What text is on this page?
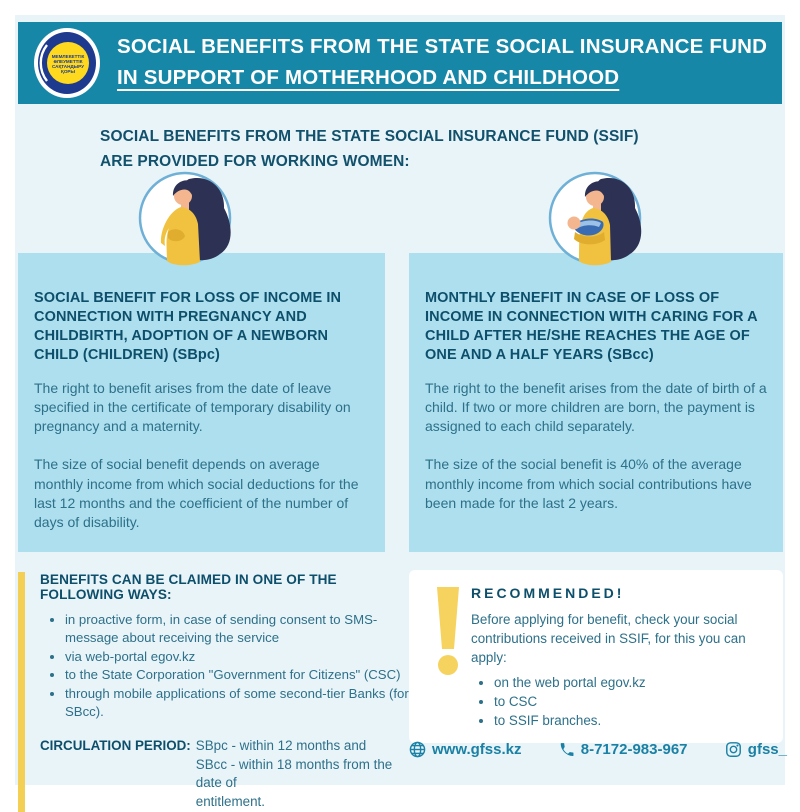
МЕМЛЕКЕТТІК
ӘЛЕУМЕТТІК
САҚТАНДЫРУ
ҚОРЫ
SOCIAL BENEFITS FROM THE STATE SOCIAL INSURANCE FUND
IN SUPPORT OF MOTHERHOOD AND CHILDHOOD
SOCIAL BENEFITS FROM THE STATE SOCIAL INSURANCE FUND (SSIF)
ARE PROVIDED FOR WORKING WOMEN:
SOCIAL BENEFIT FOR LOSS OF INCOME IN CONNECTION WITH PREGNANCY AND CHILDBIRTH, ADOPTION OF A NEWBORN CHILD (CHILDREN) (SBpc)

The right to benefit arises from the date of leave specified in the certificate of temporary disability on pregnancy and a maternity.

The size of social benefit depends on average monthly income from which social deductions for the last 12 months and the coefficient of the number of days of disability.

MONTHLY BENEFIT IN CASE OF LOSS OF INCOME IN CONNECTION WITH CARING FOR A CHILD AFTER HE/SHE REACHES THE AGE OF ONE AND A HALF YEARS (SBcc)

The right to the benefit arises from the date of birth of a child. If two or more children are born, the payment is assigned to each child separately.

The size of the social benefit is 40% of the average monthly income from which social contributions have been made for the last 2 years.

BENEFITS CAN BE CLAIMED IN ONE OF THE FOLLOWING WAYS:
• in proactive form, in case of sending consent to SMS-message about receiving the service
• via web-portal egov.kz
• to the State Corporation "Government for Citizens" (CSC)
• through mobile applications of some second-tier Banks (for SBcc).
CIRCULATION PERIOD: SBpc - within 12 months and
SBcc - within 18 months from the date of
entitlement.
RECOMMENDED!
Before applying for benefit, check your social contributions received in SSIF, for this you can apply:
• on the web portal egov.kz
• to CSC
• to SSIF branches.
www.gfss.kz	8-7172-983-967	gfss_
